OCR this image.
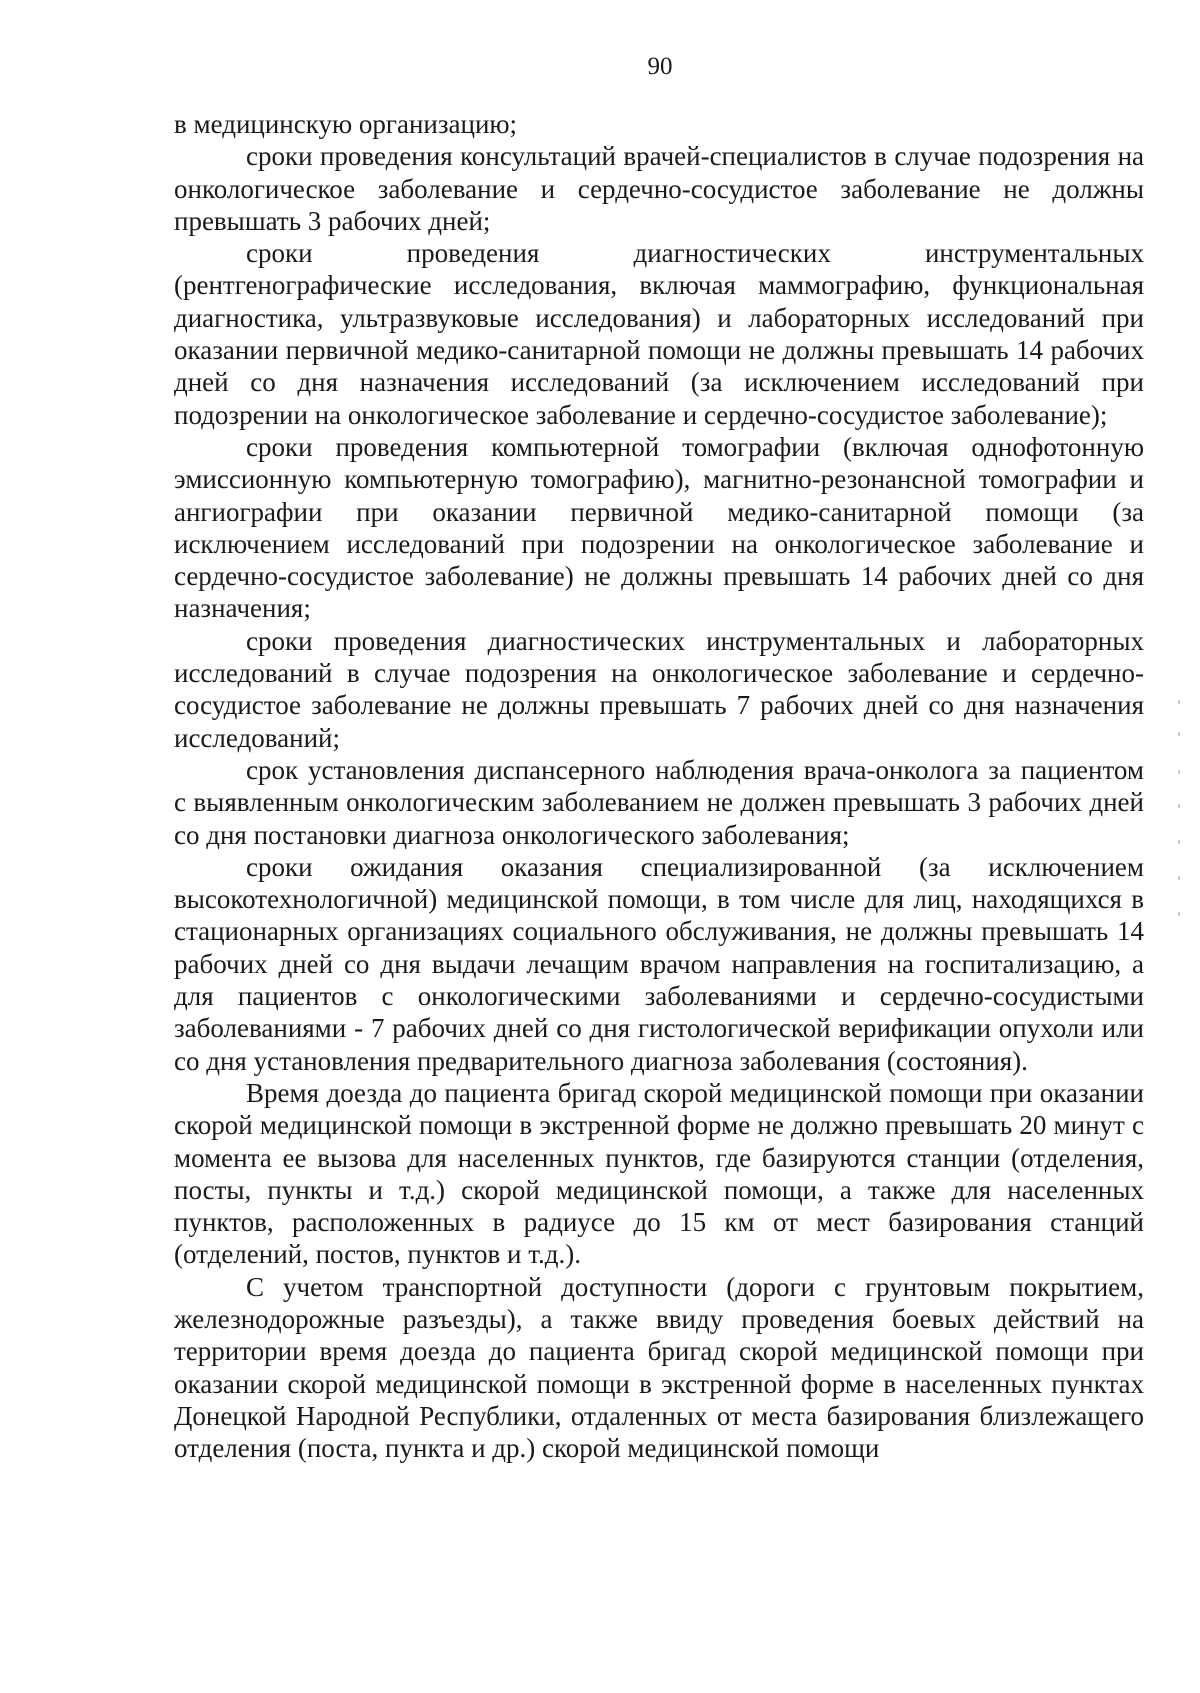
90

в медицинскую организацию;

сроки проведения консультаций врачей-специалистов в случае подозрения на онкологическое заболевание и сердечно-сосудистое заболевание не должны превышать 3 рабочих дней;

сроки проведения диагностических инструментальных (рентгенографические исследования, включая маммографию, функциональная диагностика, ультразвуковые исследования) и лабораторных исследований при оказании первичной медико-санитарной помощи не должны превышать 14 рабочих дней со дня назначения исследований (за исключением исследований при подозрении на онкологическое заболевание и сердечно-сосудистое заболевание);

сроки проведения компьютерной томографии (включая однофотонную эмиссионную компьютерную томографию), магнитно-резонансной томографии и ангиографии при оказании первичной медико-санитарной помощи (за исключением исследований при подозрении на онкологическое заболевание и сердечно-сосудистое заболевание) не должны превышать 14 рабочих дней со дня назначения;

сроки проведения диагностических инструментальных и лабораторных исследований в случае подозрения на онкологическое заболевание и сердечно-сосудистое заболевание не должны превышать 7 рабочих дней со дня назначения исследований;

срок установления диспансерного наблюдения врача-онколога за пациентом с выявленным онкологическим заболеванием не должен превышать 3 рабочих дней со дня постановки диагноза онкологического заболевания;

сроки ожидания оказания специализированной (за исключением высокотехнологичной) медицинской помощи, в том числе для лиц, находящихся в стационарных организациях социального обслуживания, не должны превышать 14 рабочих дней со дня выдачи лечащим врачом направления на госпитализацию, а для пациентов с онкологическими заболеваниями и сердечно-сосудистыми заболеваниями - 7 рабочих дней со дня гистологической верификации опухоли или со дня установления предварительного диагноза заболевания (состояния).

Время доезда до пациента бригад скорой медицинской помощи при оказании скорой медицинской помощи в экстренной форме не должно превышать 20 минут с момента ее вызова для населенных пунктов, где базируются станции (отделения, посты, пункты и т.д.) скорой медицинской помощи, а также для населенных пунктов, расположенных в радиусе до 15 км от мест базирования станций (отделений, постов, пунктов и т.д.).

С учетом транспортной доступности (дороги с грунтовым покрытием, железнодорожные разъезды), а также ввиду проведения боевых действий на территории время доезда до пациента бригад скорой медицинской помощи при оказании скорой медицинской помощи в экстренной форме в населенных пунктах Донецкой Народной Республики, отдаленных от места базирования близлежащего отделения (поста, пункта и др.) скорой медицинской помощи
